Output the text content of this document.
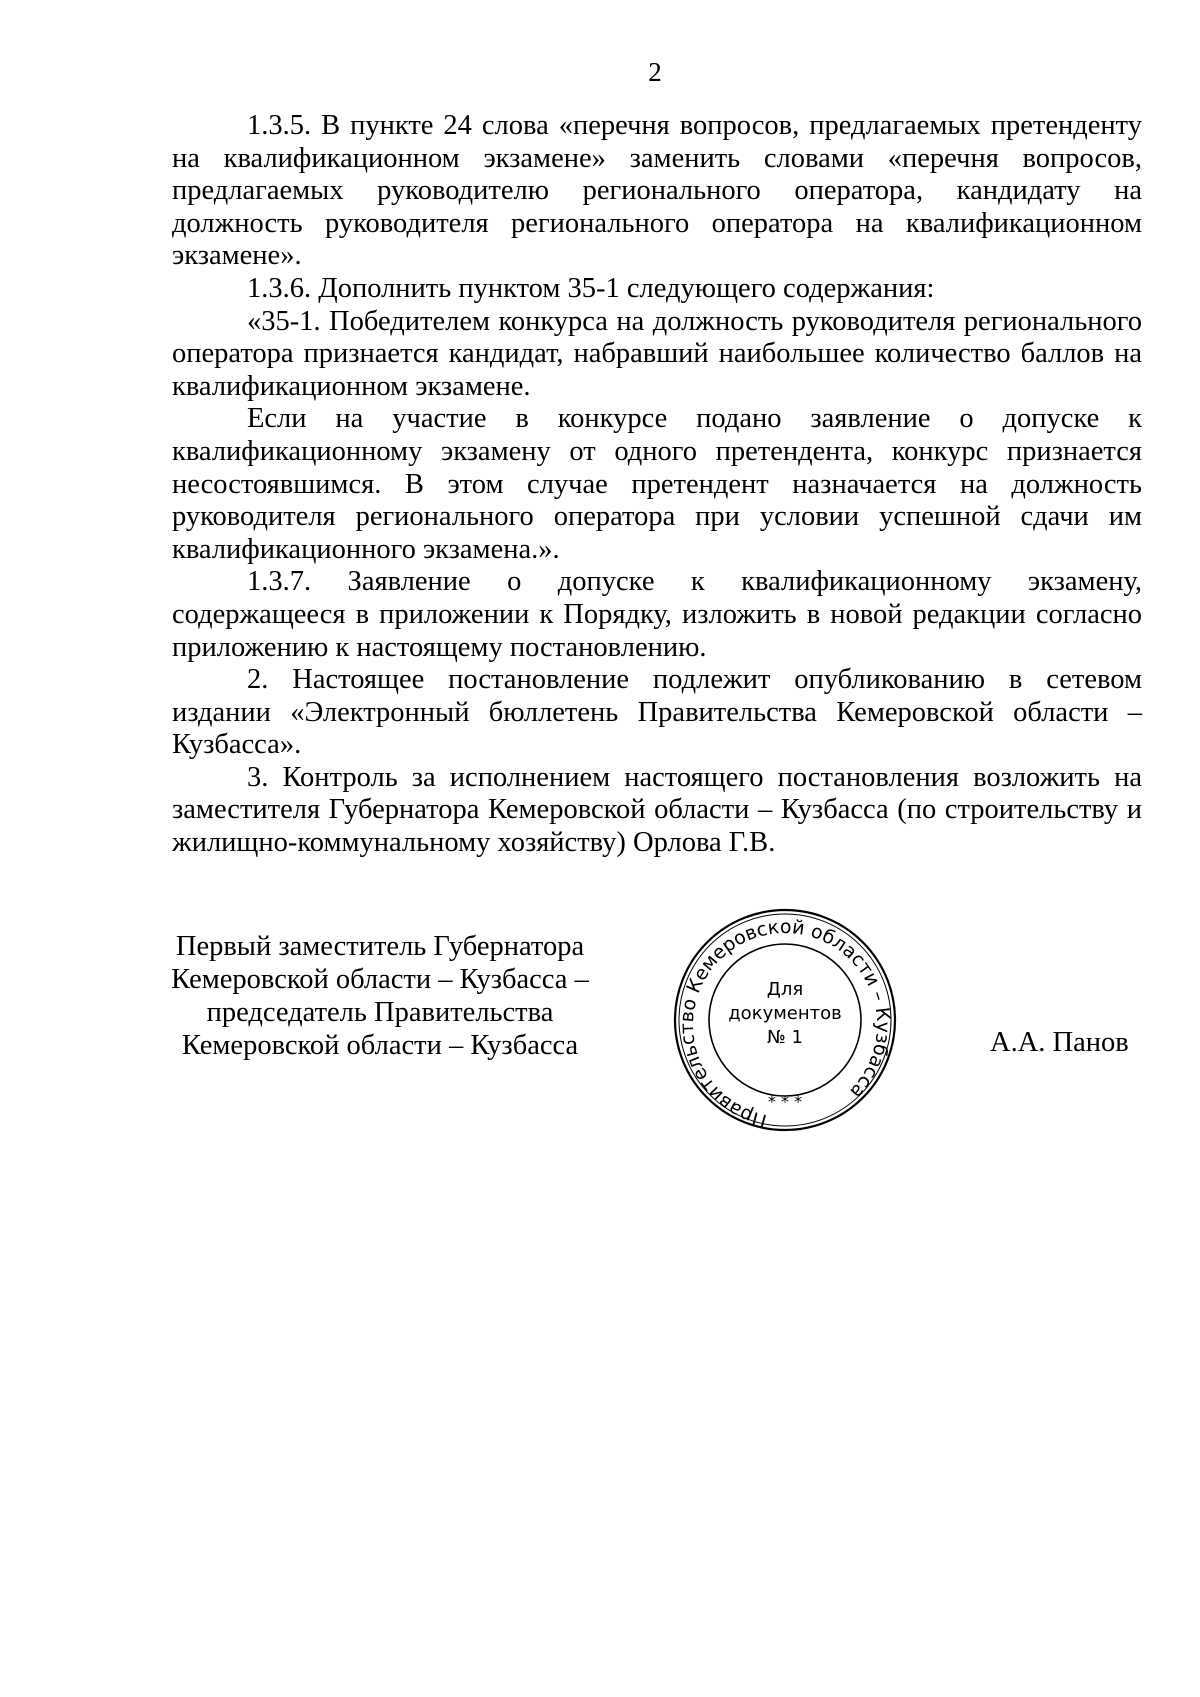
2

1.3.5. В пункте 24 слова «перечня вопросов, предлагаемых претенденту на квалификационном экзамене» заменить словами «перечня вопросов, предлагаемых руководителю регионального оператора, кандидату на должность руководителя регионального оператора на квалификационном экзамене».

1.3.6. Дополнить пунктом 35-1 следующего содержания:

«35-1. Победителем конкурса на должность руководителя регионального оператора признается кандидат, набравший наибольшее количество баллов на квалификационном экзамене.

Если на участие в конкурсе подано заявление о допуске к квалификационному экзамену от одного претендента, конкурс признается несостоявшимся. В этом случае претендент назначается на должность руководителя регионального оператора при условии успешной сдачи им квалификационного экзамена.».

1.3.7. Заявление о допуске к квалификационному экзамену, содержащееся в приложении к Порядку, изложить в новой редакции согласно приложению к настоящему постановлению.

2. Настоящее постановление подлежит опубликованию в сетевом издании «Электронный бюллетень Правительства Кемеровской области – Кузбасса».

3. Контроль за исполнением настоящего постановления возложить на заместителя Губернатора Кемеровской области – Кузбасса (по строительству и жилищно-коммунальному хозяйству) Орлова Г.В.

Первый заместитель Губернатора
Кемеровской области – Кузбасса –
председатель Правительства
Кемеровской области – Кузбасса	А.А. Панов
Правительство Кемеровской области – Кузбасса
* * *
Для
документов
№ 1
